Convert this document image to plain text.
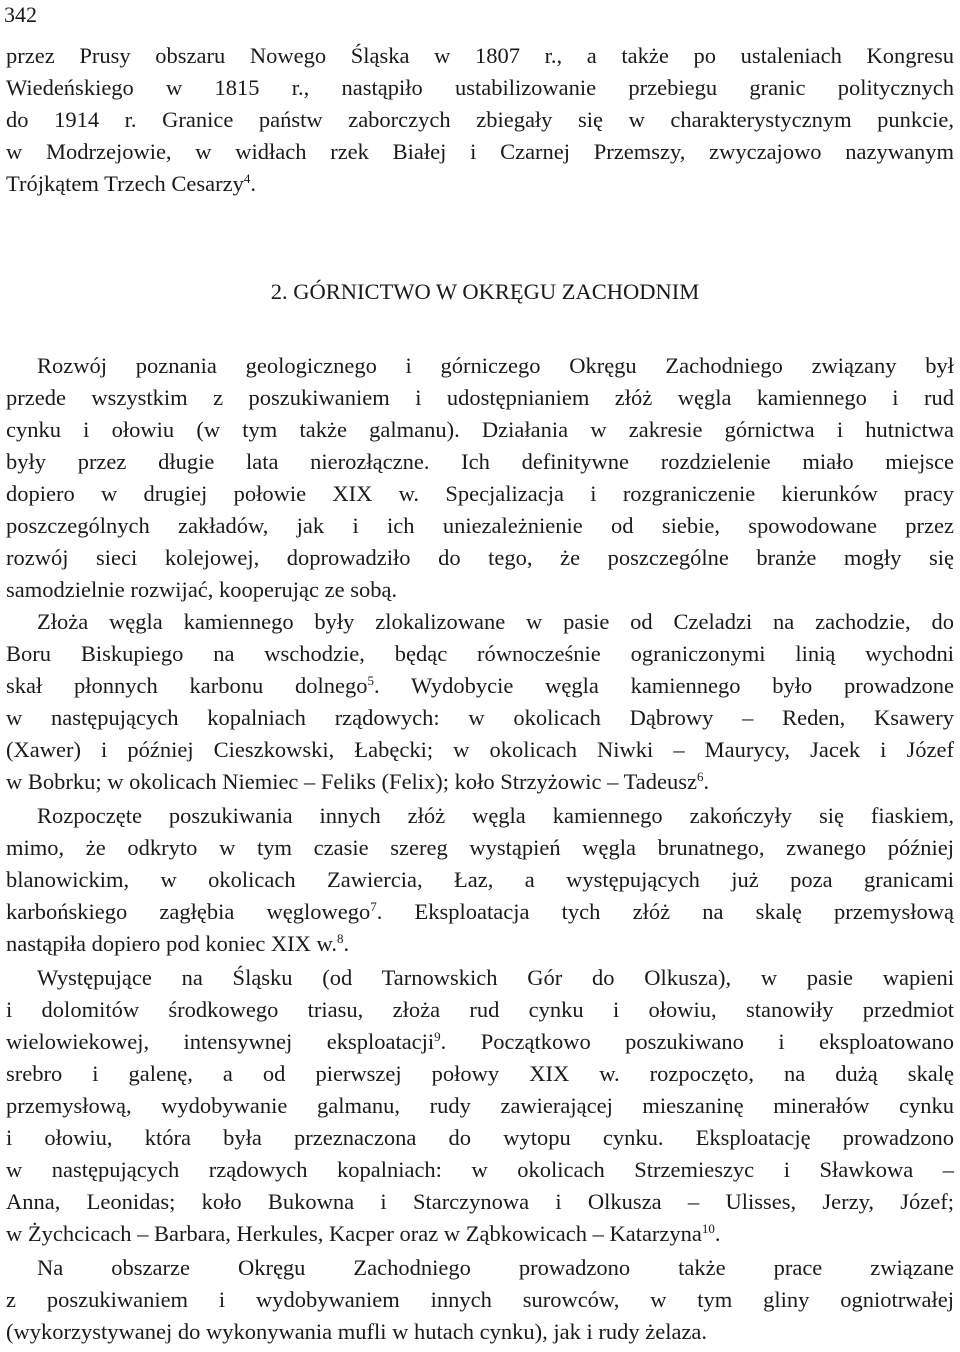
342
przez Prusy obszaru Nowego Śląska w 1807 r., a także po ustaleniach Kongresu
Wiedeńskiego w 1815 r., nastąpiło ustabilizowanie przebiegu granic politycznych
do 1914 r. Granice państw zaborczych zbiegały się w charakterystycznym punkcie,
w Modrzejowie, w widłach rzek Białej i Czarnej Przemszy, zwyczajowo nazywanym
Trójkątem Trzech Cesarzy$^4$.
2. GÓRNICTWO W OKRĘGU ZACHODNIM
Rozwój poznania geologicznego i górniczego Okręgu Zachodniego związany był
przede wszystkim z poszukiwaniem i udostępnianiem złóż węgla kamiennego i rud
cynku i ołowiu (w tym także galmanu). Działania w zakresie górnictwa i hutnictwa
były przez długie lata nierozłączne. Ich definitywne rozdzielenie miało miejsce
dopiero w drugiej połowie XIX w. Specjalizacja i rozgraniczenie kierunków pracy
poszczególnych zakładów, jak i ich uniezależnienie od siebie, spowodowane przez
rozwój sieci kolejowej, doprowadziło do tego, że poszczególne branże mogły się
samodzielnie rozwijać, kooperując ze sobą.
Złoża węgla kamiennego były zlokalizowane w pasie od Czeladzi na zachodzie, do
Boru Biskupiego na wschodzie, będąc równocześnie ograniczonymi linią wychodni
skał płonnych karbonu dolnego$^5$. Wydobycie węgla kamiennego było prowadzone
w następujących kopalniach rządowych: w okolicach Dąbrowy – Reden, Ksawery
(Xawer) i później Cieszkowski, Łabęcki; w okolicach Niwki – Maurycy, Jacek i Józef
w Bobrku; w okolicach Niemiec – Feliks (Felix); koło Strzyżowic – Tadeusz$^6$.
Rozpoczęte poszukiwania innych złóż węgla kamiennego zakończyły się fiaskiem,
mimo, że odkryto w tym czasie szereg wystąpień węgla brunatnego, zwanego później
blanowickim, w okolicach Zawiercia, Łaz, a występujących już poza granicami
karbońskiego zagłębia węglowego$^7$. Eksploatacja tych złóż na skalę przemysłową
nastąpiła dopiero pod koniec XIX w.$^8$.
Występujące na Śląsku (od Tarnowskich Gór do Olkusza), w pasie wapieni
i dolomitów środkowego triasu, złoża rud cynku i ołowiu, stanowiły przedmiot
wielowiekowej, intensywnej eksploatacji$^9$. Początkowo poszukiwano i eksploatowano
srebro i galenę, a od pierwszej połowy XIX w. rozpoczęto, na dużą skalę
przemysłową, wydobywanie galmanu, rudy zawierającej mieszaninę minerałów cynku
i ołowiu, która była przeznaczona do wytopu cynku. Eksploatację prowadzono
w następujących rządowych kopalniach: w okolicach Strzemieszyc i Sławkowa –
Anna, Leonidas; koło Bukowna i Starczynowa i Olkusza – Ulisses, Jerzy, Józef;
w Żychcicach – Barbara, Herkules, Kacper oraz w Ząbkowicach – Katarzyna$^{10}$.
Na obszarze Okręgu Zachodniego prowadzono także prace związane
z poszukiwaniem i wydobywaniem innych surowców, w tym gliny ogniotrwałej
(wykorzystywanej do wykonywania mufli w hutach cynku), jak i rudy żelaza.
